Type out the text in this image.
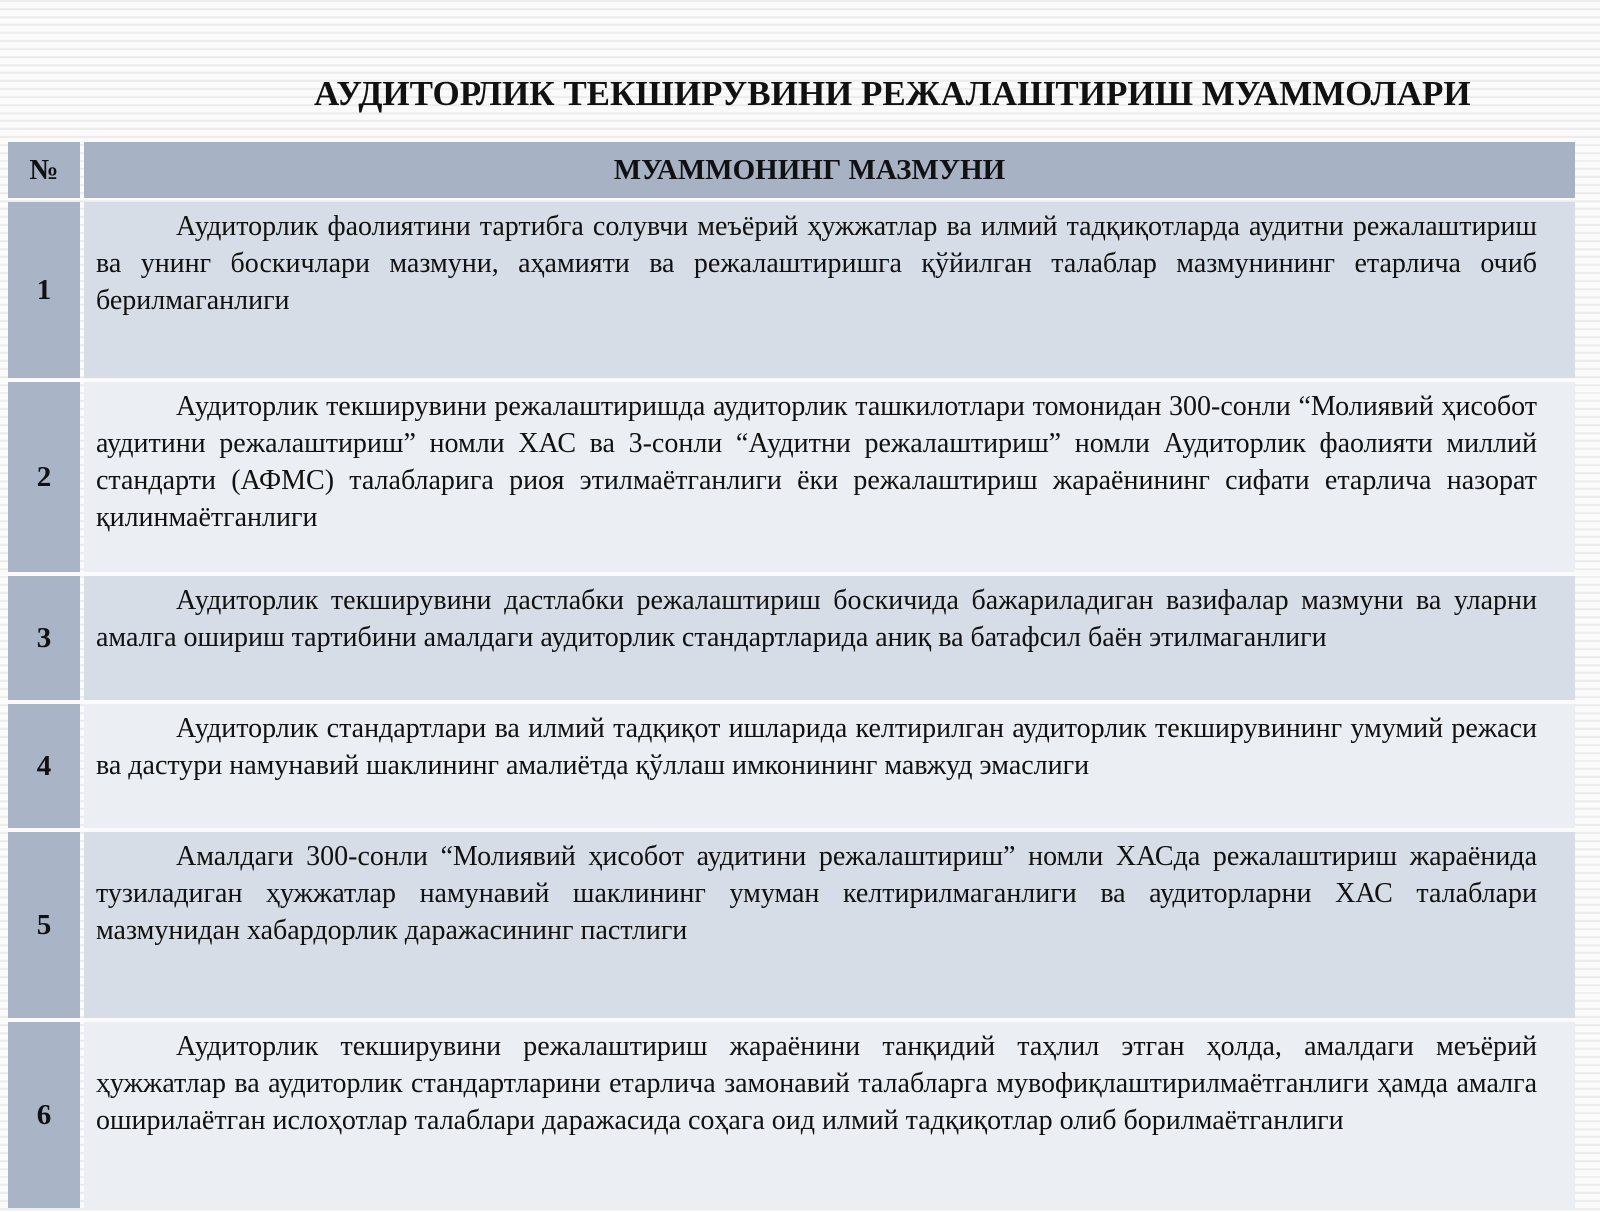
АУДИТОРЛИК ТЕКШИРУВИНИ РЕЖАЛАШТИРИШ МУАММОЛАРИ
№		МУАММОНИНГ МАЗМУНИ
1		Аудиторлик фаолиятини тартибга солувчи меъёрий ҳужжатлар ва илмий тадқиқотларда аудитни режалаштириш ва унинг боскичлари мазмуни, аҳамияти ва режалаштиришга қўйилган талаблар мазмунининг етарлича очиб берилмаганлиги
2		Аудиторлик текширувини режалаштиришда аудиторлик ташкилотлари томонидан 300-сонли “Молиявий ҳисобот аудитини режалаштириш” номли ХАС ва 3-сонли “Аудитни режалаштириш” номли Аудиторлик фаолияти миллий стандарти (АФМС) талабларига риоя этилмаётганлиги ёки режалаштириш жараёнининг сифати етарлича назорат қилинмаётганлиги
3		Аудиторлик текширувини дастлабки режалаштириш боскичида бажариладиган вазифалар мазмуни ва уларни амалга ошириш тартибини амалдаги аудиторлик стандартларида аниқ ва батафсил баён этилмаганлиги
4		Аудиторлик стандартлари ва илмий тадқиқот ишларида келтирилган аудиторлик текширувининг умумий режаси ва дастури намунавий шаклининг амалиётда қўллаш имконининг мавжуд эмаслиги
5		Амалдаги 300-сонли “Молиявий ҳисобот аудитини режалаштириш” номли ХАСда режалаштириш жараёнида тузиладиган ҳужжатлар намунавий шаклининг умуман келтирилмаганлиги ва аудиторларни ХАС талаблари мазмунидан хабардорлик даражасининг пастлиги
6		Аудиторлик текширувини режалаштириш жараёнини танқидий таҳлил этган ҳолда, амалдаги меъёрий ҳужжатлар ва аудиторлик стандартларини етарлича замонавий талабларга мувофиқлаштирилмаётганлиги ҳамда амалга оширилаётган ислоҳотлар талаблари даражасида соҳага оид илмий тадқиқотлар олиб борилмаётганлиги
